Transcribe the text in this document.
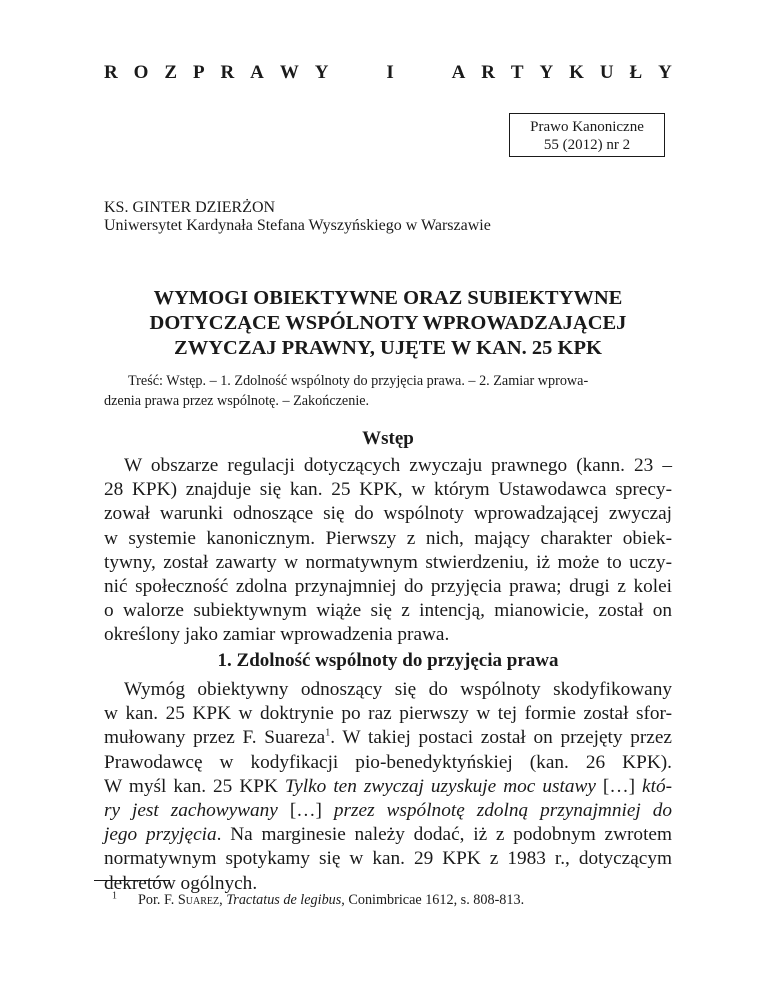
R O Z P R A W Y	I	A R T Y K U Ł Y
Prawo Kanoniczne
55 (2012) nr 2
KS. GINTER DZIERŻON
Uniwersytet Kardynała Stefana Wyszyńskiego w Warszawie
WYMOGI OBIEKTYWNE ORAZ SUBIEKTYWNE
DOTYCZĄCE WSPÓLNOTY WPROWADZAJĄCEJ
ZWYCZAJ PRAWNY, UJĘTE W KAN. 25 KPK
Treść: Wstęp. – 1. Zdolność wspólnoty do przyjęcia prawa. – 2. Zamiar wprowa-
dzenia prawa przez wspólnotę. – Zakończenie.
Wstęp
W obszarze regulacji dotyczących zwyczaju prawnego (kann. 23 –
28 KPK) znajduje się kan. 25 KPK, w którym Ustawodawca sprecy-
zował warunki odnoszące się do wspólnoty wprowadzającej zwyczaj
w systemie kanonicznym. Pierwszy z nich, mający charakter obiek-
tywny, został zawarty w normatywnym stwierdzeniu, iż może to uczy-
nić społeczność zdolna przynajmniej do przyjęcia prawa; drugi z kolei
o walorze subiektywnym wiąże się z intencją, mianowicie, został on
określony jako zamiar wprowadzenia prawa.
1. Zdolność wspólnoty do przyjęcia prawa
Wymóg obiektywny odnoszący się do wspólnoty skodyfikowany
w kan. 25 KPK w doktrynie po raz pierwszy w tej formie został sfor-
mułowany przez F. Suareza$^1$. W takiej postaci został on przejęty przez
Prawodawcę w kodyfikacji pio-benedyktyńskiej (kan. 26 KPK).
W myśl kan. 25 KPK Tylko ten zwyczaj uzyskuje moc ustawy […] któ-
ry jest zachowywany […] przez wspólnotę zdolną przynajmniej do
jego przyjęcia. Na marginesie należy dodać, iż z podobnym zwrotem
normatywnym spotykamy się w kan. 29 KPK z 1983 r., dotyczącym
dekretów ogólnych.
$^1$ Por. F. Suarez, Tractatus de legibus, Conimbricae 1612, s. 808-813.
